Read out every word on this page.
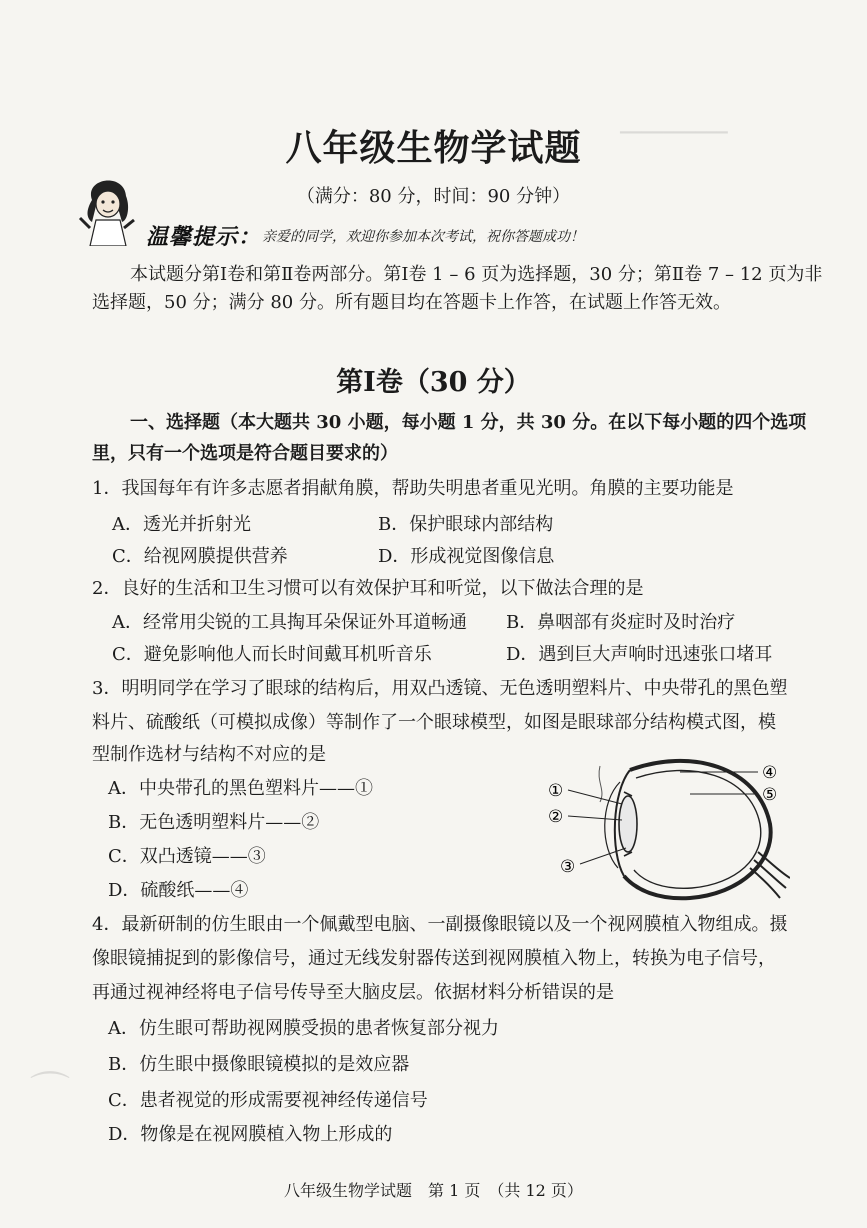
▁▁▁▁▁▁▁▁▁▁
⌒
八年级生物学试题
（满分：80 分，时间：90 分钟）
温馨提示： 亲爱的同学，欢迎你参加本次考试，祝你答题成功！
本试题分第Ⅰ卷和第Ⅱ卷两部分。第Ⅰ卷 1 – 6 页为选择题，30 分；第Ⅱ卷 7 – 12 页为非
选择题，50 分；满分 80 分。所有题目均在答题卡上作答，在试题上作答无效。
第Ⅰ卷（30 分）
一、选择题（本大题共 30 小题，每小题 1 分，共 30 分。在以下每小题的四个选项
里，只有一个选项是符合题目要求的）
1．我国每年有许多志愿者捐献角膜，帮助失明患者重见光明。角膜的主要功能是
A．透光并折射光	B．保护眼球内部结构
C．给视网膜提供营养	D．形成视觉图像信息
2．良好的生活和卫生习惯可以有效保护耳和听觉，以下做法合理的是
A．经常用尖锐的工具掏耳朵保证外耳道畅通 B．鼻咽部有炎症时及时治疗
C．避免影响他人而长时间戴耳机听音乐	D．遇到巨大声响时迅速张口堵耳
3．明明同学在学习了眼球的结构后，用双凸透镜、无色透明塑料片、中央带孔的黑色塑
料片、硫酸纸（可模拟成像）等制作了一个眼球模型，如图是眼球部分结构模式图，模
型制作选材与结构不对应的是
A．中央带孔的黑色塑料片——①
B．无色透明塑料片——②
C．双凸透镜——③
D．硫酸纸——④
①
②
③
④
⑤
4．最新研制的仿生眼由一个佩戴型电脑、一副摄像眼镜以及一个视网膜植入物组成。摄
像眼镜捕捉到的影像信号，通过无线发射器传送到视网膜植入物上，转换为电子信号，
再通过视神经将电子信号传导至大脑皮层。依据材料分析错误的是
A．仿生眼可帮助视网膜受损的患者恢复部分视力
B．仿生眼中摄像眼镜模拟的是效应器
C．患者视觉的形成需要视神经传递信号
D．物像是在视网膜植入物上形成的
八年级生物学试题　第 1 页　（共 12 页）
